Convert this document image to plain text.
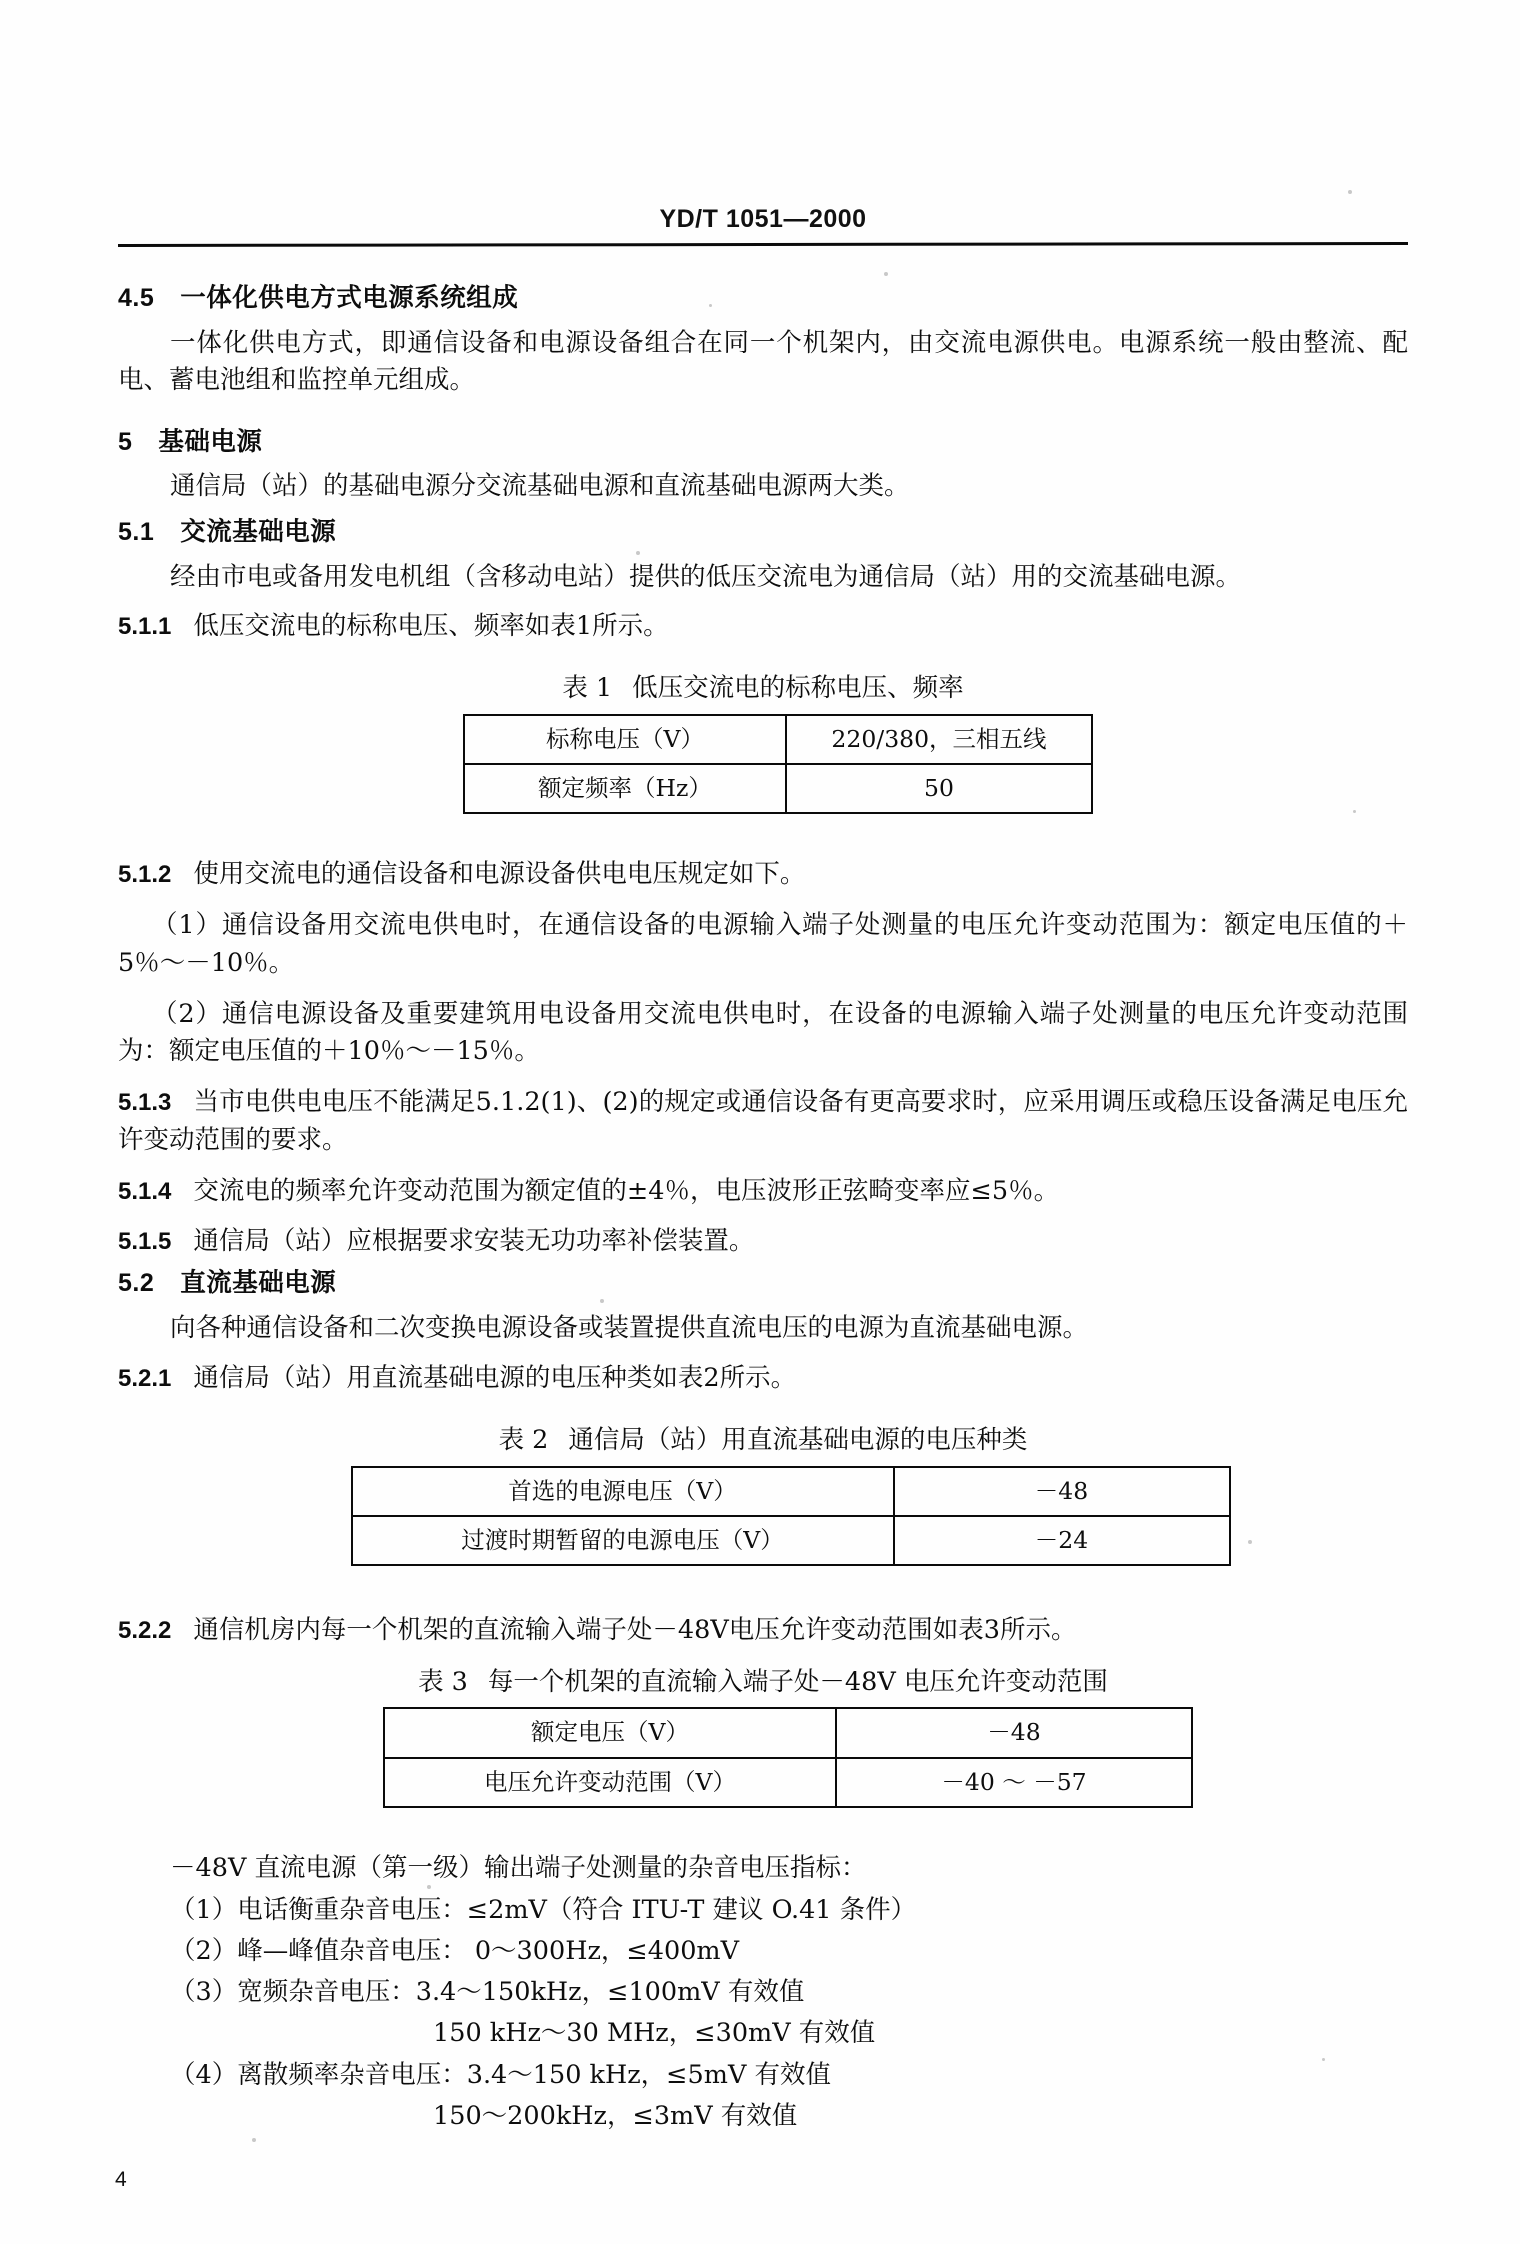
YD/T 1051—2000
4.5 一体化供电方式电源系统组成
一体化供电方式，即通信设备和电源设备组合在同一个机架内，由交流电源供电。电源系统一般由整流、配电、蓄电池组和监控单元组成。
5 基础电源
通信局（站）的基础电源分交流基础电源和直流基础电源两大类。
5.1 交流基础电源
经由市电或备用发电机组（含移动电站）提供的低压交流电为通信局（站）用的交流基础电源。
5.1.1 低压交流电的标称电压、频率如表1所示。
表 1 低压交流电的标称电压、频率
标称电压（V）	220/380，三相五线
额定频率（Hz）	50
5.1.2 使用交流电的通信设备和电源设备供电电压规定如下。
（1）通信设备用交流电供电时，在通信设备的电源输入端子处测量的电压允许变动范围为：额定电压值的＋5％～－10％。
（2）通信电源设备及重要建筑用电设备用交流电供电时，在设备的电源输入端子处测量的电压允许变动范围为：额定电压值的＋10％～－15％。
5.1.3 当市电供电电压不能满足5.1.2(1)、(2)的规定或通信设备有更高要求时，应采用调压或稳压设备满足电压允许变动范围的要求。
5.1.4 交流电的频率允许变动范围为额定值的±4％，电压波形正弦畸变率应≤5％。
5.1.5 通信局（站）应根据要求安装无功功率补偿装置。
5.2 直流基础电源
向各种通信设备和二次变换电源设备或装置提供直流电压的电源为直流基础电源。
5.2.1 通信局（站）用直流基础电源的电压种类如表2所示。
表 2 通信局（站）用直流基础电源的电压种类
首选的电源电压（V）	－48
过渡时期暂留的电源电压（V）	－24
5.2.2 通信机房内每一个机架的直流输入端子处－48V电压允许变动范围如表3所示。
表 3 每一个机架的直流输入端子处－48V 电压允许变动范围
额定电压（V）	－48
电压允许变动范围（V）	－40 ～ －57
－48V 直流电源（第一级）输出端子处测量的杂音电压指标：
（1）电话衡重杂音电压：≤2mV（符合 ITU-T 建议 O.41 条件）
（2）峰—峰值杂音电压： 0～300Hz，≤400mV
（3）宽频杂音电压：3.4～150kHz，≤100mV 有效值
150 kHz～30 MHz，≤30mV 有效值
（4）离散频率杂音电压：3.4～150 kHz，≤5mV 有效值
150～200kHz，≤3mV 有效值
4
